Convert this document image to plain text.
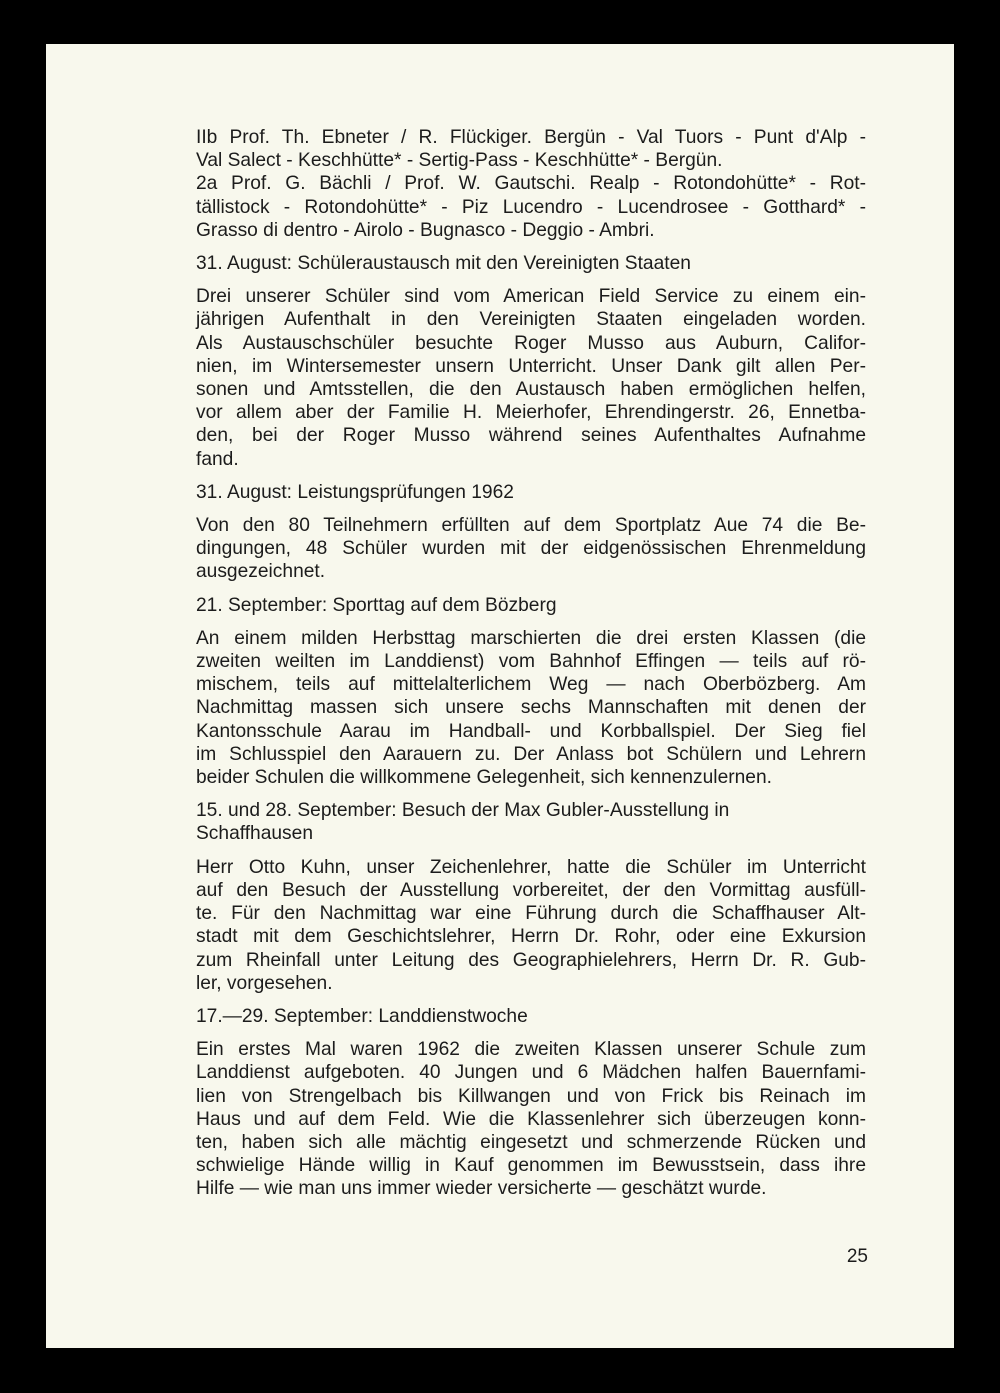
IIb Prof. Th. Ebneter / R. Flückiger. Bergün - Val Tuors - Punt d'Alp -

Val Salect - Keschhütte* - Sertig-Pass - Keschhütte* - Bergün.

2a Prof. G. Bächli / Prof. W. Gautschi. Realp - Rotondohütte* - Rot-

tällistock - Rotondohütte* - Piz Lucendro - Lucendrosee - Gotthard* -

Grasso di dentro - Airolo - Bugnasco - Deggio - Ambri.

31. August: Schüleraustausch mit den Vereinigten Staaten

Drei unserer Schüler sind vom American Field Service zu einem ein-

jährigen Aufenthalt in den Vereinigten Staaten eingeladen worden.

Als Austauschschüler besuchte Roger Musso aus Auburn, Califor-

nien, im Wintersemester unsern Unterricht. Unser Dank gilt allen Per-

sonen und Amtsstellen, die den Austausch haben ermöglichen helfen,

vor allem aber der Familie H. Meierhofer, Ehrendingerstr. 26, Ennetba-

den, bei der Roger Musso während seines Aufenthaltes Aufnahme

fand.

31. August: Leistungsprüfungen 1962

Von den 80 Teilnehmern erfüllten auf dem Sportplatz Aue 74 die Be-

dingungen, 48 Schüler wurden mit der eidgenössischen Ehrenmeldung

ausgezeichnet.

21. September: Sporttag auf dem Bözberg

An einem milden Herbsttag marschierten die drei ersten Klassen (die

zweiten weilten im Landdienst) vom Bahnhof Effingen — teils auf rö-

mischem, teils auf mittelalterlichem Weg — nach Oberbözberg. Am

Nachmittag massen sich unsere sechs Mannschaften mit denen der

Kantonsschule Aarau im Handball- und Korbballspiel. Der Sieg fiel

im Schlusspiel den Aarauern zu. Der Anlass bot Schülern und Lehrern

beider Schulen die willkommene Gelegenheit, sich kennenzulernen.

15. und 28. September: Besuch der Max Gubler-Ausstellung in

Schaffhausen

Herr Otto Kuhn, unser Zeichenlehrer, hatte die Schüler im Unterricht

auf den Besuch der Ausstellung vorbereitet, der den Vormittag ausfüll-

te. Für den Nachmittag war eine Führung durch die Schaffhauser Alt-

stadt mit dem Geschichtslehrer, Herrn Dr. Rohr, oder eine Exkursion

zum Rheinfall unter Leitung des Geographielehrers, Herrn Dr. R. Gub-

ler, vorgesehen.

17.—29. September: Landdienstwoche

Ein erstes Mal waren 1962 die zweiten Klassen unserer Schule zum

Landdienst aufgeboten. 40 Jungen und 6 Mädchen halfen Bauernfami-

lien von Strengelbach bis Killwangen und von Frick bis Reinach im

Haus und auf dem Feld. Wie die Klassenlehrer sich überzeugen konn-

ten, haben sich alle mächtig eingesetzt und schmerzende Rücken und

schwielige Hände willig in Kauf genommen im Bewusstsein, dass ihre

Hilfe — wie man uns immer wieder versicherte — geschätzt wurde.

25
